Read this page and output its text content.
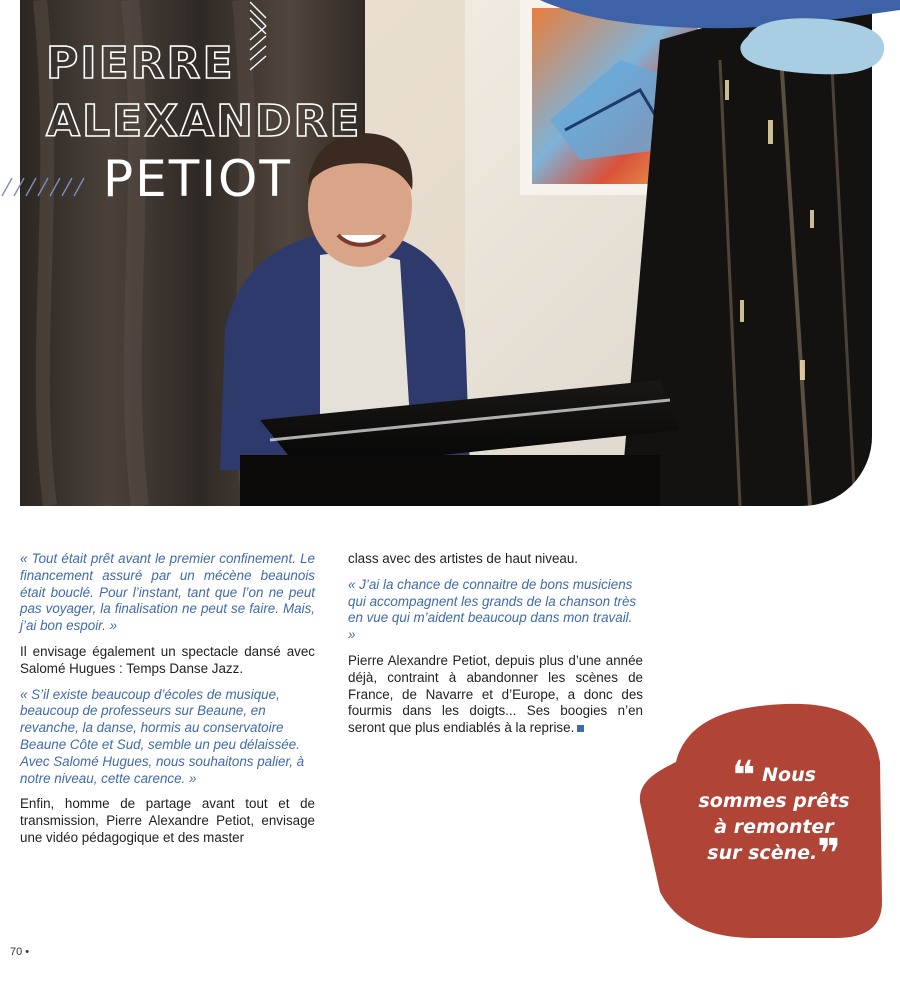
PIERRE
ALEXANDRE
PETIOT

« Tout était prêt avant le premier confinement. Le financement assuré par un mécène beaunois était bouclé. Pour l’instant, tant que l’on ne peut pas voyager, la finalisation ne peut se faire. Mais, j’ai bon espoir. »

Il envisage également un spectacle dansé avec Salomé Hugues : Temps Danse Jazz.

« S’il existe beaucoup d’écoles de musique, beaucoup de professeurs sur Beaune, en revanche, la danse, hormis au conservatoire Beaune Côte et Sud, semble un peu délaissée. Avec Salomé Hugues, nous souhaitons palier, à notre niveau, cette carence. »

Enfin, homme de partage avant tout et de transmission, Pierre Alexandre Petiot, envisage une vidéo pédagogique et des master

class avec des artistes de haut niveau.

« J’ai la chance de connaitre de bons musiciens qui accompagnent les grands de la chanson très en vue qui m’aident beaucoup dans mon travail. »

Pierre Alexandre Petiot, depuis plus d’une année déjà, contraint à abandonner les scènes de France, de Navarre et d’Europe, a donc des fourmis dans les doigts... Ses boogies n’en seront que plus endiablés à la reprise.

❝ Nous
sommes prêts
à remonter
sur scène.❞
70 •
